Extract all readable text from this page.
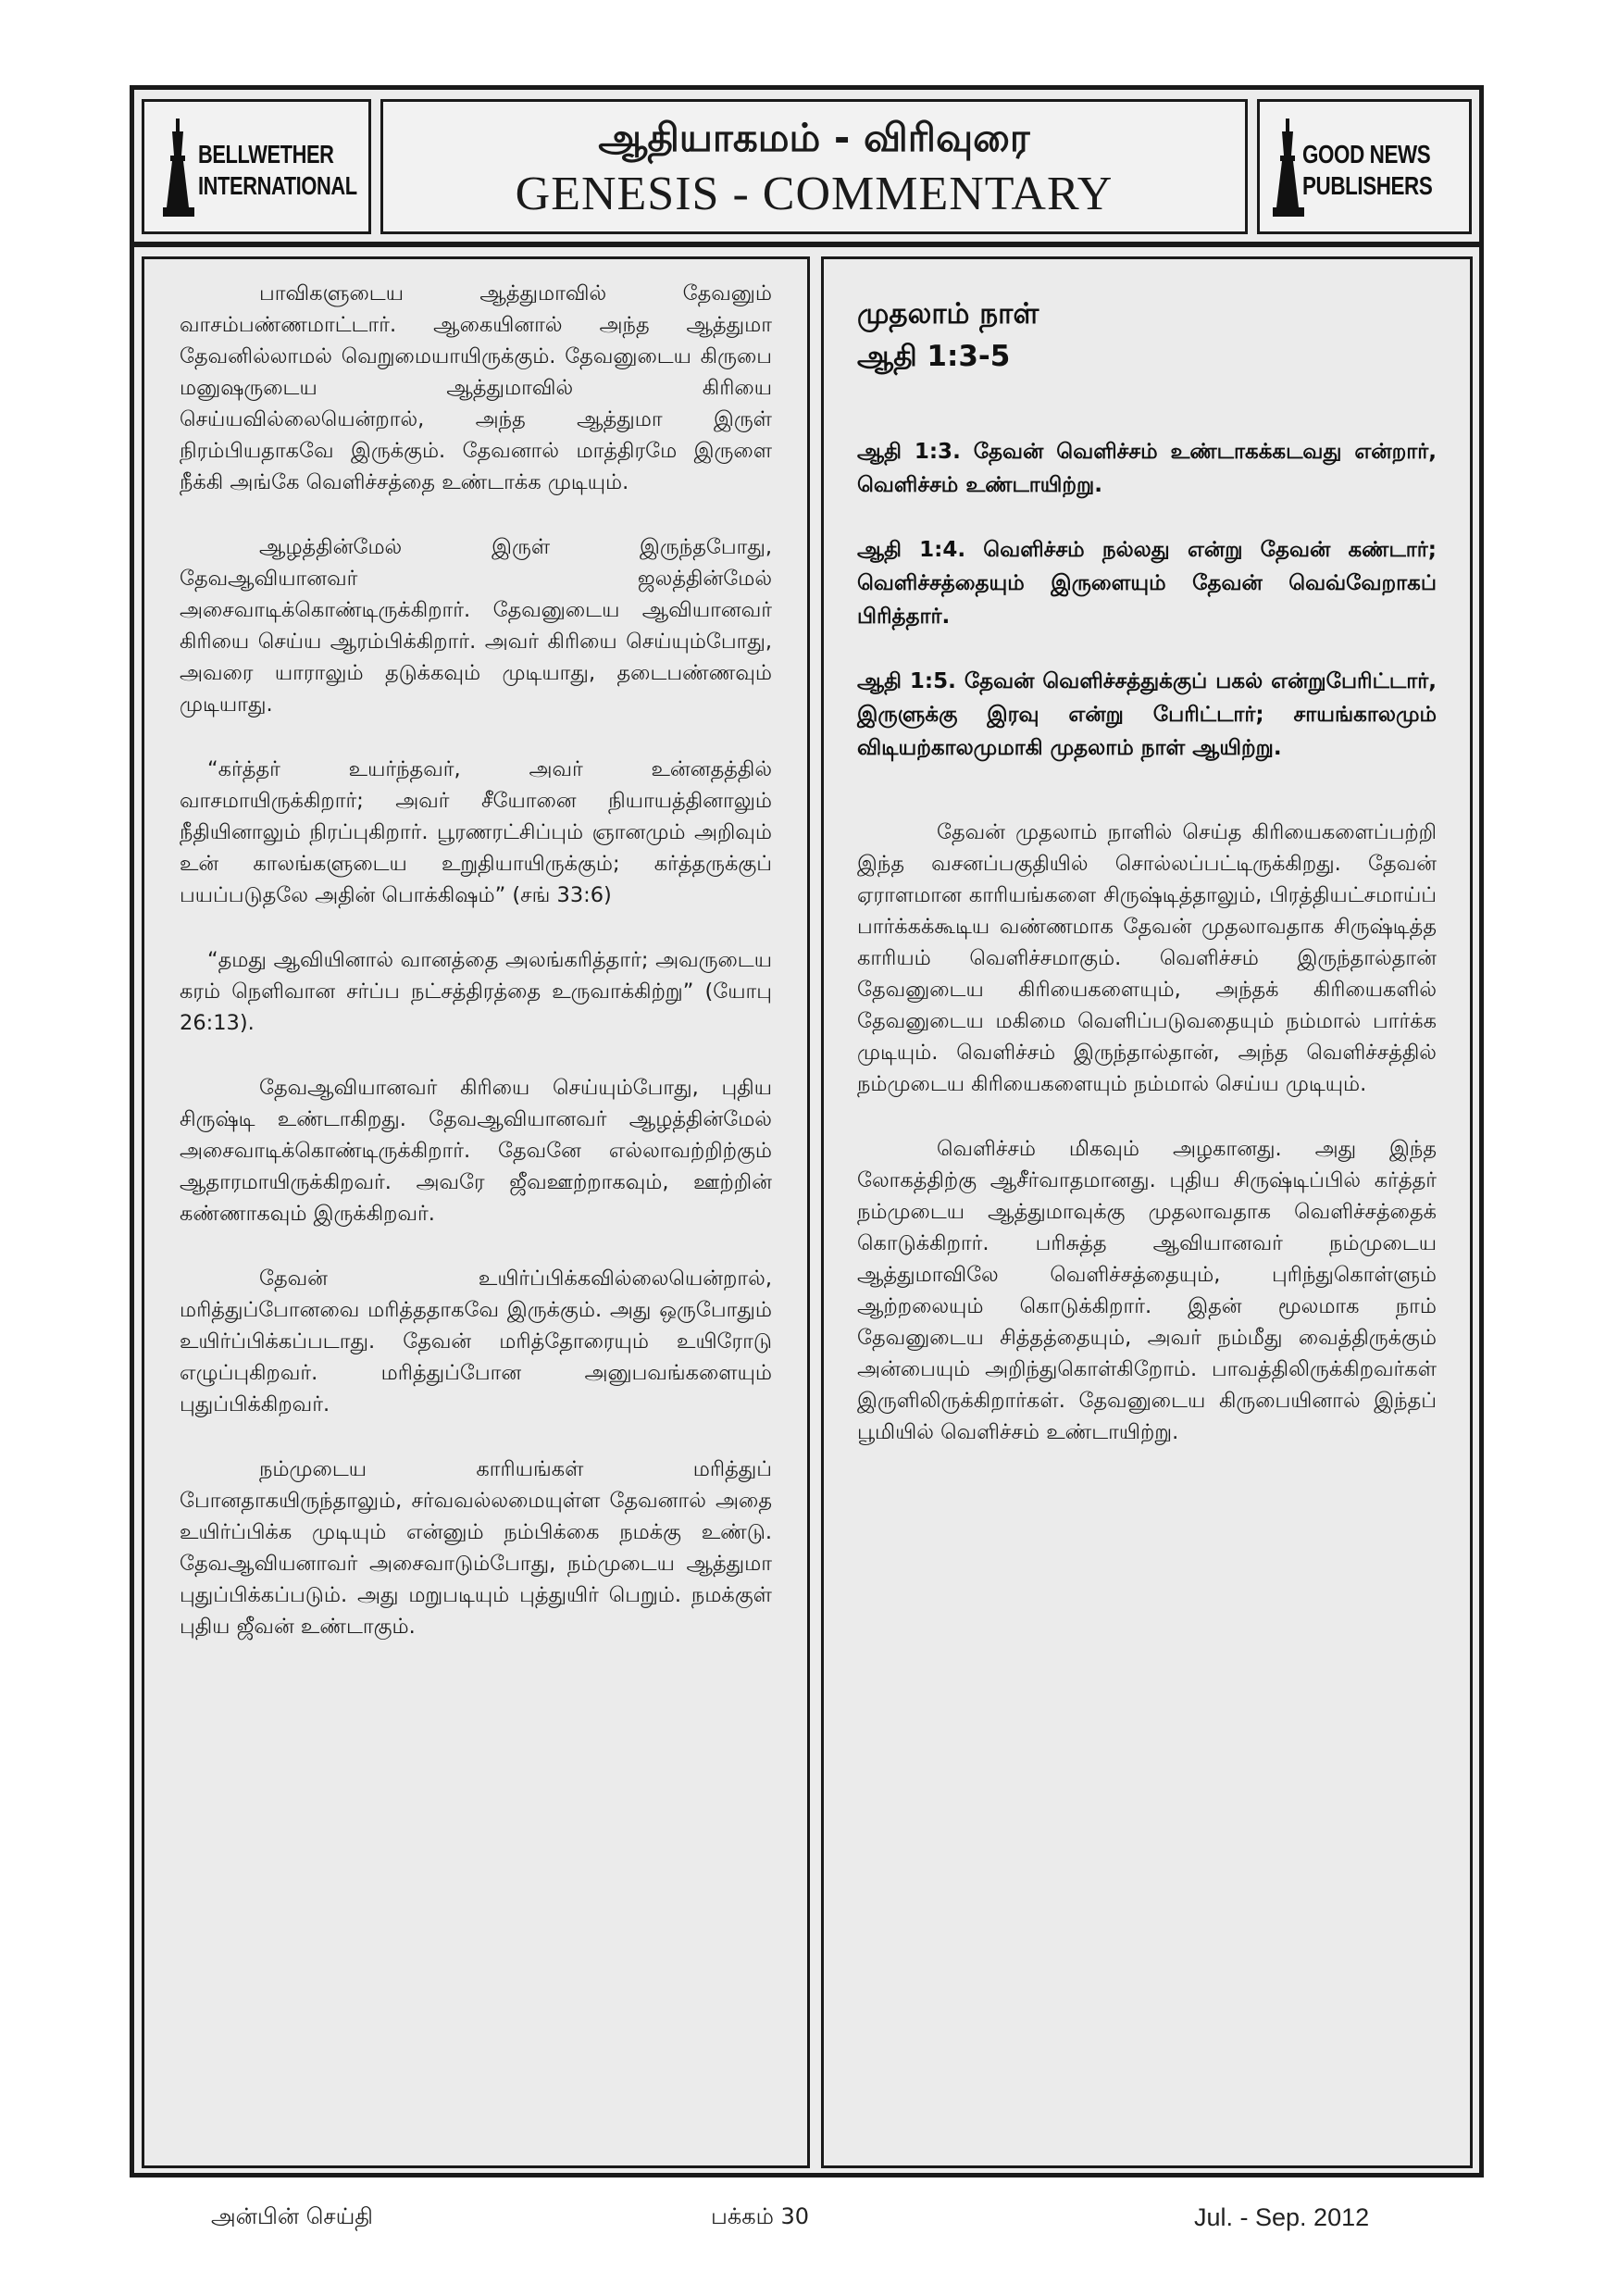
BELLWETHER
INTERNATIONAL
ஆதியாகமம் - விரிவுரை
GENESIS - COMMENTARY
GOOD NEWS
PUBLISHERS

பாவிகளுடைய ஆத்துமாவில் தேவனும் வாசம்பண்ணமாட்டார். ஆகையினால் அந்த ஆத்துமா தேவனில்லாமல் வெறுமையாயிருக்கும். தேவனுடைய கிருபை மனுஷருடைய ஆத்துமாவில் கிரியை செய்யவில்லையென்றால், அந்த ஆத்துமா இருள் நிரம்பியதாகவே இருக்கும். தேவனால் மாத்திரமே இருளை நீக்கி அங்கே வெளிச்சத்தை உண்டாக்க முடியும்.

ஆழத்தின்மேல் இருள் இருந்தபோது, தேவஆவியானவர் ஜலத்தின்மேல் அசைவாடிக்கொண்டிருக்கிறார். தேவனுடைய ஆவியானவர் கிரியை செய்ய ஆரம்பிக்கிறார். அவர் கிரியை செய்யும்போது, அவரை யாராலும் தடுக்கவும் முடியாது, தடைபண்ணவும் முடியாது.

“கர்த்தர் உயர்ந்தவர், அவர் உன்னதத்தில் வாசமாயிருக்கிறார்; அவர் சீயோனை நியாயத்தினாலும் நீதியினாலும் நிரப்புகிறார். பூரணரட்சிப்பும் ஞானமும் அறிவும் உன் காலங்களுடைய உறுதியாயிருக்கும்; கர்த்தருக்குப் பயப்படுதலே அதின் பொக்கிஷம்” (சங் 33:6)

“தமது ஆவியினால் வானத்தை அலங்கரித்தார்; அவருடைய கரம் நெளிவான சர்ப்ப நட்சத்திரத்தை உருவாக்கிற்று” (யோபு 26:13).

தேவஆவியானவர் கிரியை செய்யும்போது, புதிய சிருஷ்டி உண்டாகிறது. தேவஆவியானவர் ஆழத்தின்மேல் அசைவாடிக்கொண்டிருக்கிறார். தேவனே எல்லாவற்றிற்கும் ஆதாரமாயிருக்கிறவர். அவரே ஜீவஊற்றாகவும், ஊற்றின் கண்ணாகவும் இருக்கிறவர்.

தேவன் உயிர்ப்பிக்கவில்லையென்றால், மரித்துப்போனவை மரித்ததாகவே இருக்கும். அது ஒருபோதும் உயிர்ப்பிக்கப்படாது. தேவன் மரித்தோரையும் உயிரோடு எழுப்புகிறவர். மரித்துப்போன அனுபவங்களையும் புதுப்பிக்கிறவர்.

நம்முடைய காரியங்கள் மரித்துப் போனதாகயிருந்தாலும், சர்வவல்லமையுள்ள தேவனால் அதை உயிர்ப்பிக்க முடியும் என்னும் நம்பிக்கை நமக்கு உண்டு. தேவஆவியனாவர் அசைவாடும்போது, நம்முடைய ஆத்துமா புதுப்பிக்கப்படும். அது மறுபடியும் புத்துயிர் பெறும். நமக்குள் புதிய ஜீவன் உண்டாகும்.

முதலாம் நாள்
ஆதி 1:3-5

ஆதி 1:3. தேவன் வெளிச்சம் உண்டாகக்கடவது என்றார், வெளிச்சம் உண்டாயிற்று.

ஆதி 1:4. வெளிச்சம் நல்லது என்று தேவன் கண்டார்; வெளிச்சத்தையும் இருளையும் தேவன் வெவ்வேறாகப் பிரித்தார்.

ஆதி 1:5. தேவன் வெளிச்சத்துக்குப் பகல் என்றுபேரிட்டார், இருளுக்கு இரவு என்று பேரிட்டார்; சாயங்காலமும் விடியற்காலமுமாகி முதலாம் நாள் ஆயிற்று.

தேவன் முதலாம் நாளில் செய்த கிரியைகளைப்பற்றி இந்த வசனப்பகுதியில் சொல்லப்பட்டிருக்கிறது. தேவன் ஏராளமான காரியங்களை சிருஷ்டித்தாலும், பிரத்தியட்சமாய்ப் பார்க்கக்கூடிய வண்ணமாக தேவன் முதலாவதாக சிருஷ்டித்த காரியம் வெளிச்சமாகும். வெளிச்சம் இருந்தால்தான் தேவனுடைய கிரியைகளையும், அந்தக் கிரியைகளில் தேவனுடைய மகிமை வெளிப்படுவதையும் நம்மால் பார்க்க முடியும். வெளிச்சம் இருந்தால்தான், அந்த வெளிச்சத்தில் நம்முடைய கிரியைகளையும் நம்மால் செய்ய முடியும்.

வெளிச்சம் மிகவும் அழகானது. அது இந்த லோகத்திற்கு ஆசீர்வாதமானது. புதிய சிருஷ்டிப்பில் கர்த்தர் நம்முடைய ஆத்துமாவுக்கு முதலாவதாக வெளிச்சத்தைக் கொடுக்கிறார். பரிசுத்த ஆவியானவர் நம்முடைய ஆத்துமாவிலே வெளிச்சத்தையும், புரிந்துகொள்ளும் ஆற்றலையும் கொடுக்கிறார். இதன் மூலமாக நாம் தேவனுடைய சித்தத்தையும், அவர் நம்மீது வைத்திருக்கும் அன்பையும் அறிந்துகொள்கிறோம். பாவத்திலிருக்கிறவர்கள் இருளிலிருக்கிறார்கள். தேவனுடைய கிருபையினால் இந்தப் பூமியில் வெளிச்சம் உண்டாயிற்று.

அன்பின் செய்தி	பக்கம் 30	Jul. - Sep. 2012
